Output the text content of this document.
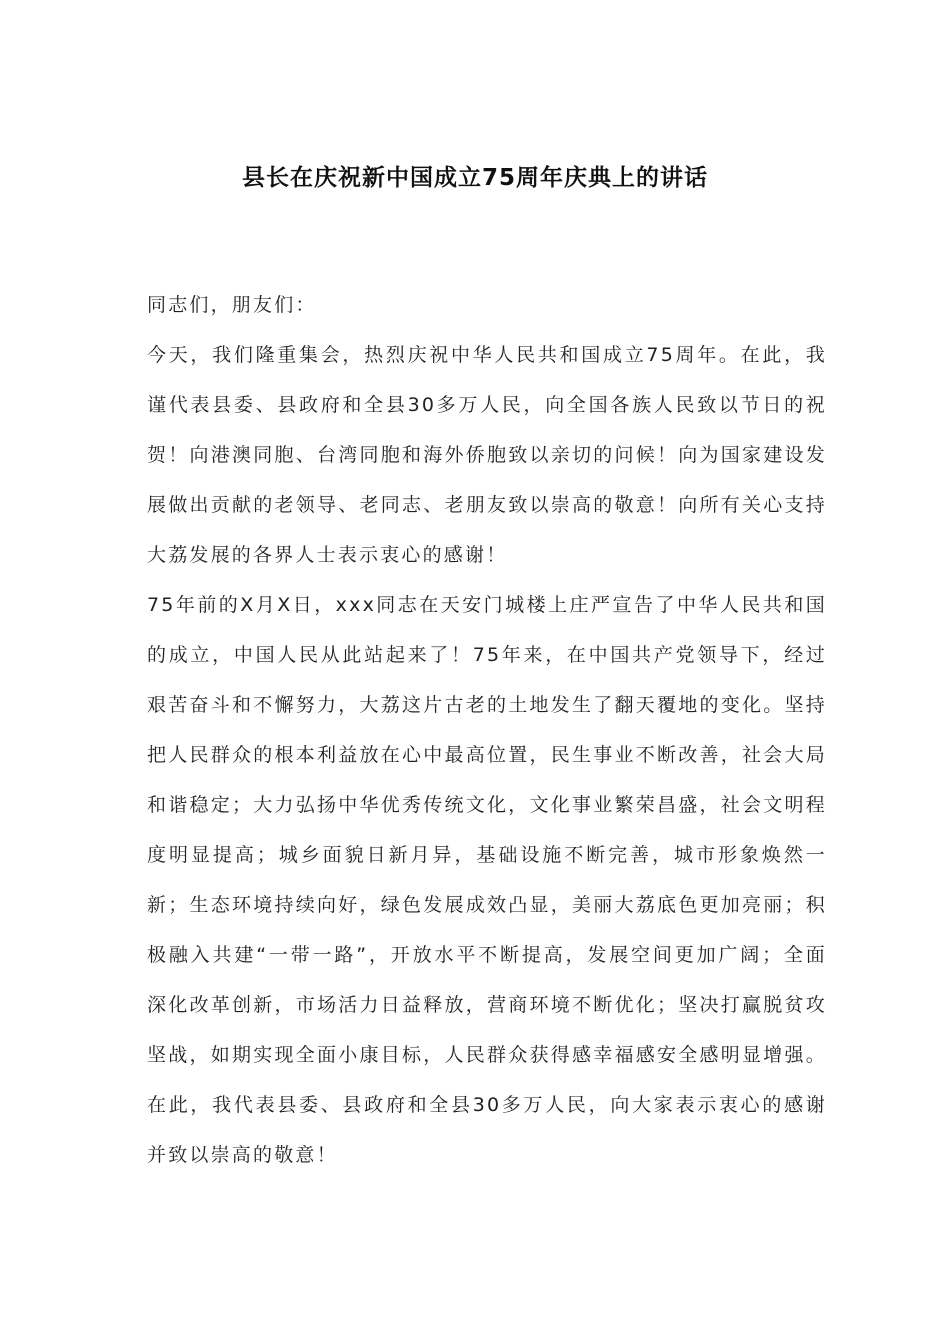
县长在庆祝新中国成立75周年庆典上的讲话

同志们，朋友们：

今天，我们隆重集会，热烈庆祝中华人民共和国成立75周年。在此，我谨代表县委、县政府和全县30多万人民，向全国各族人民致以节日的祝贺！向港澳同胞、台湾同胞和海外侨胞致以亲切的问候！向为国家建设发展做出贡献的老领导、老同志、老朋友致以崇高的敬意！向所有关心支持大荔发展的各界人士表示衷心的感谢！

75年前的X月X日，xxx同志在天安门城楼上庄严宣告了中华人民共和国的成立，中国人民从此站起来了！75年来，在中国共产党领导下，经过艰苦奋斗和不懈努力，大荔这片古老的土地发生了翻天覆地的变化。坚持把人民群众的根本利益放在心中最高位置，民生事业不断改善，社会大局和谐稳定；大力弘扬中华优秀传统文化，文化事业繁荣昌盛，社会文明程度明显提高；城乡面貌日新月异，基础设施不断完善，城市形象焕然一新；生态环境持续向好，绿色发展成效凸显，美丽大荔底色更加亮丽；积极融入共建“一带一路”，开放水平不断提高，发展空间更加广阔；全面深化改革创新，市场活力日益释放，营商环境不断优化；坚决打赢脱贫攻坚战，如期实现全面小康目标，人民群众获得感幸福感安全感明显增强。在此，我代表县委、县政府和全县30多万人民，向大家表示衷心的感谢并致以崇高的敬意！
